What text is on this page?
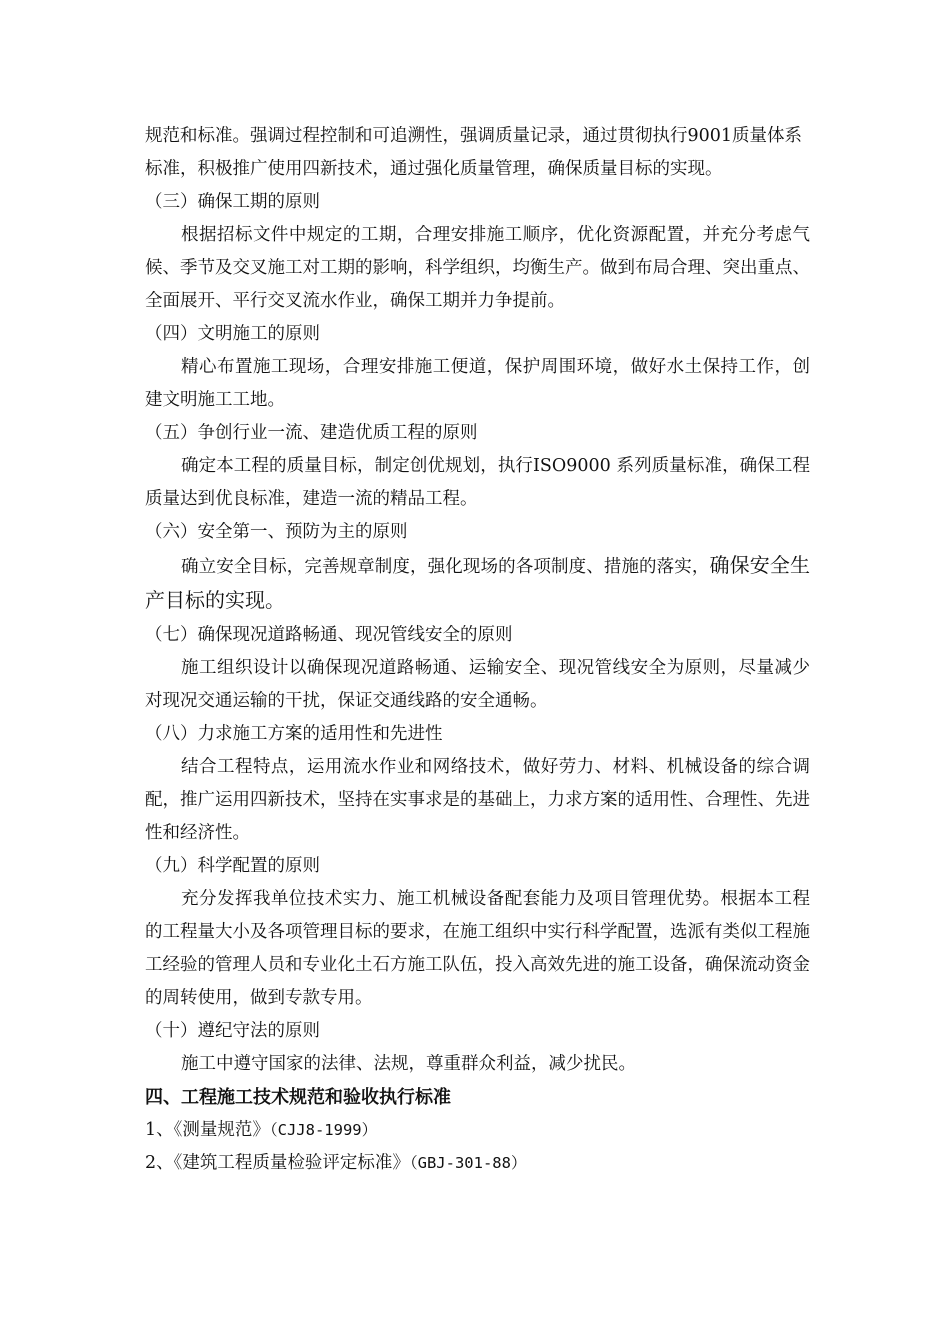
规范和标准。强调过程控制和可追溯性，强调质量记录，通过贯彻执行9001质量体系标准，积极推广使用四新技术，通过强化质量管理，确保质量目标的实现。

（三）确保工期的原则

根据招标文件中规定的工期，合理安排施工顺序，优化资源配置，并充分考虑气候、季节及交叉施工对工期的影响，科学组织，均衡生产。做到布局合理、突出重点、全面展开、平行交叉流水作业，确保工期并力争提前。

（四）文明施工的原则

精心布置施工现场，合理安排施工便道，保护周围环境，做好水土保持工作，创建文明施工工地。

（五）争创行业一流、建造优质工程的原则

确定本工程的质量目标，制定创优规划，执行ISO9000 系列质量标准，确保工程质量达到优良标准，建造一流的精品工程。

（六）安全第一、预防为主的原则

确立安全目标，完善规章制度，强化现场的各项制度、措施的落实，确保安全生产目标的实现。

（七）确保现况道路畅通、现况管线安全的原则

施工组织设计以确保现况道路畅通、运输安全、现况管线安全为原则，尽量减少对现况交通运输的干扰，保证交通线路的安全通畅。

（八）力求施工方案的适用性和先进性

结合工程特点，运用流水作业和网络技术，做好劳力、材料、机械设备的综合调配，推广运用四新技术，坚持在实事求是的基础上，力求方案的适用性、合理性、先进性和经济性。

（九）科学配置的原则

充分发挥我单位技术实力、施工机械设备配套能力及项目管理优势。根据本工程的工程量大小及各项管理目标的要求，在施工组织中实行科学配置，选派有类似工程施工经验的管理人员和专业化土石方施工队伍，投入高效先进的施工设备，确保流动资金的周转使用，做到专款专用。

（十）遵纪守法的原则

施工中遵守国家的法律、法规，尊重群众利益，减少扰民。

四、工程施工技术规范和验收执行标准

1、《测量规范》（CJJ8-1999）

2、《建筑工程质量检验评定标准》（GBJ-301-88）
